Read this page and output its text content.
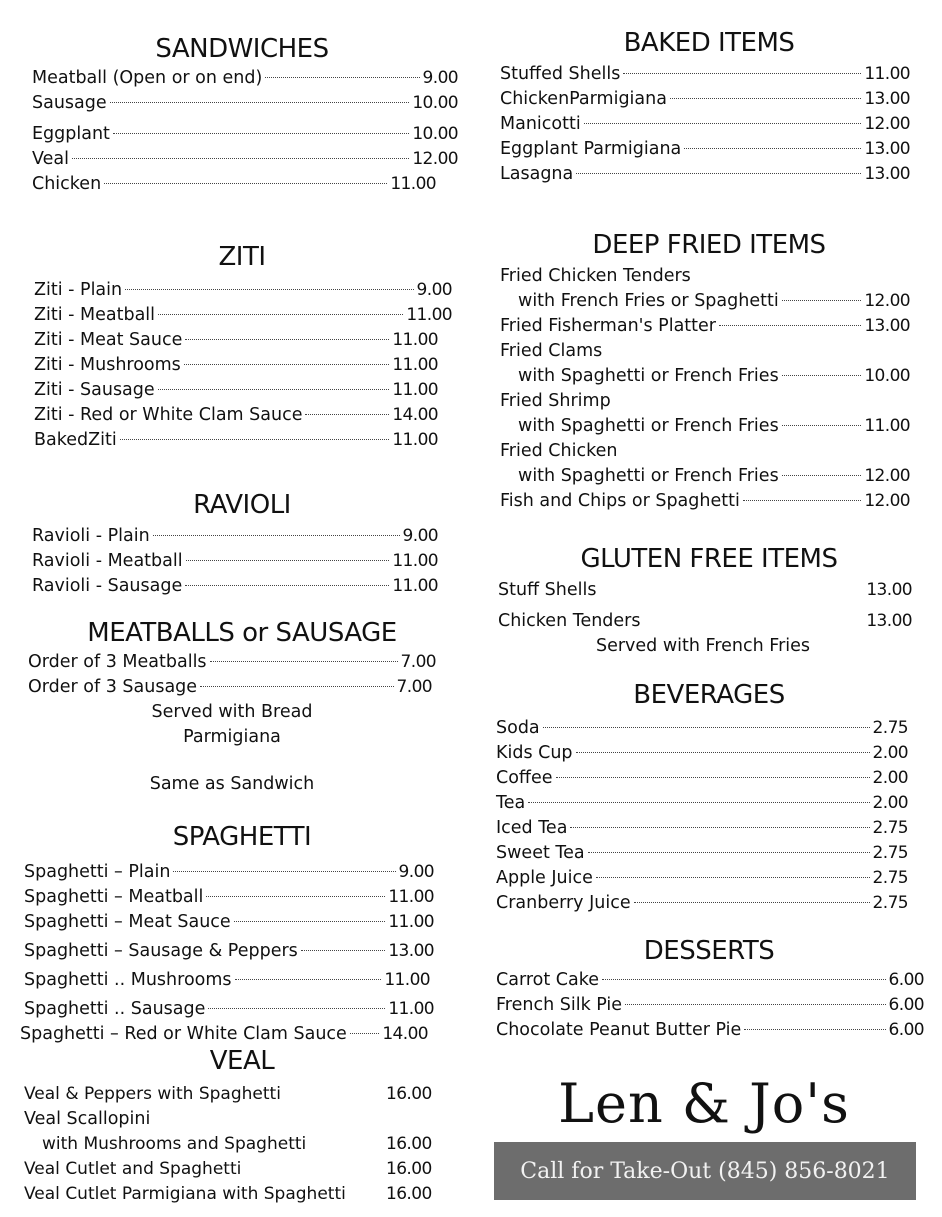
SANDWICHES
Meatball (Open or on end)	9.00
Sausage	10.00
Eggplant	10.00
Veal	12.00
Chicken	11.00
ZITI
Ziti - Plain	9.00
Ziti - Meatball	11.00
Ziti - Meat Sauce	11.00
Ziti - Mushrooms	11.00
Ziti - Sausage	11.00
Ziti - Red or White Clam Sauce	14.00
BakedZiti	11.00
RAVIOLI
Ravioli - Plain	9.00
Ravioli - Meatball	11.00
Ravioli - Sausage	11.00
MEATBALLS or SAUSAGE
Order of 3 Meatballs	7.00
Order of 3 Sausage	7.00
Served with Bread
Parmigiana
Same as Sandwich
SPAGHETTI
Spaghetti – Plain	9.00
Spaghetti – Meatball	11.00
Spaghetti – Meat Sauce	11.00
Spaghetti – Sausage & Peppers	13.00
Spaghetti .. Mushrooms	11.00
Spaghetti .. Sausage	11.00
Spaghetti – Red or White Clam Sauce 14.00
VEAL
Veal & Peppers with Spaghetti	16.00
Veal Scallopini
with Mushrooms and Spaghetti	16.00
Veal Cutlet and Spaghetti	16.00
Veal Cutlet Parmigiana with Spaghetti 16.00
BAKED ITEMS
Stuffed Shells	11.00
ChickenParmigiana	13.00
Manicotti	12.00
Eggplant Parmigiana	13.00
Lasagna	13.00
DEEP FRIED ITEMS
Fried Chicken Tenders
with French Fries or Spaghetti	12.00
Fried Fisherman's Platter	13.00
Fried Clams
with Spaghetti or French Fries	10.00
Fried Shrimp
with Spaghetti or French Fries	11.00
Fried Chicken
with Spaghetti or French Fries	12.00
Fish and Chips or Spaghetti	12.00
GLUTEN FREE ITEMS
Stuff Shells	13.00
Chicken Tenders	13.00
Served with French Fries
BEVERAGES
Soda	2.75
Kids Cup	2.00
Coffee	2.00
Tea	2.00
Iced Tea	2.75
Sweet Tea	2.75
Apple Juice	2.75
Cranberry Juice	2.75
DESSERTS
Carrot Cake	6.00
French Silk Pie	6.00
Chocolate Peanut Butter Pie	6.00
Len & Jo's
Call for Take-Out (845) 856-8021
